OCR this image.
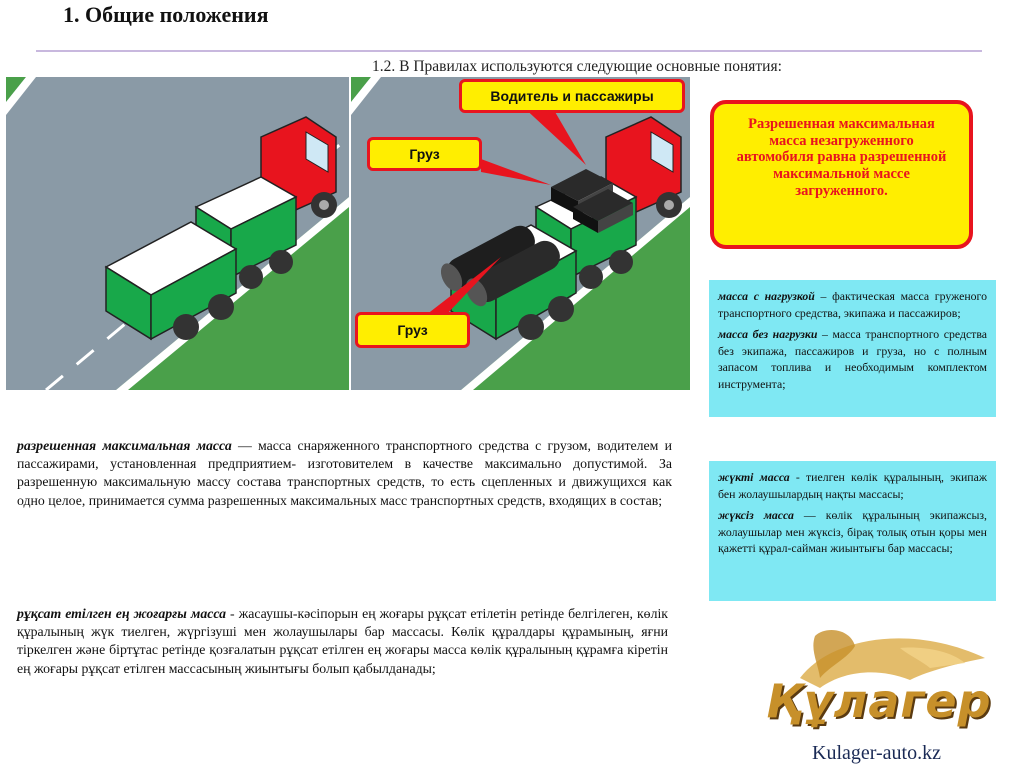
1. Общие положения
1.2. В Правилах используются следующие основные понятия:
Водитель и пассажиры
Груз
Груз
Разрешенная максимальная масса незагруженного автомобиля равна разрешенной максимальной массе загруженного.

масса с нагрузкой – фактическая масса груженого транспортного средства, экипажа и пассажиров;

масса без нагрузки – масса транспортного средства без экипажа, пассажиров и груза, но с полным запасом топлива и необходимым комплектом инструмента;

жүкті масса - тиелген көлік құралының, экипаж бен жолаушылардың нақты массасы;

жүксіз масса — көлік құралының экипажсыз, жолаушылар мен жүксіз, бірақ толық отын қоры мен қажетті құрал-сайман жиынтығы бар массасы;

разрешенная максимальная масса — масса снаряженного транспортного средства с грузом, водителем и пассажирами, установленная предприятием- изготовителем в качестве максимально допустимой. За разрешенную максимальную массу состава транспортных средств, то есть сцепленных и движущихся как одно целое, принимается сумма разрешенных максимальных масс транспортных средств, входящих в состав;
рұқсат етілген ең жоғарғы масса - жасаушы-кәсіпорын ең жоғары рұқсат етілетін ретінде белгілеген, көлік құралының жүк тиелген, жүргізуші мен жолаушылары бар массасы. Көлік құралдары құрамының, яғни тіркелген және біртұтас ретінде қозғалатын рұқсат етілген ең жоғары масса көлік құралының құрамға кіретін ең жоғары рұқсат етілген массасының жиынтығы болып қабылданады;
Құлагер
Kulager-auto.kz
